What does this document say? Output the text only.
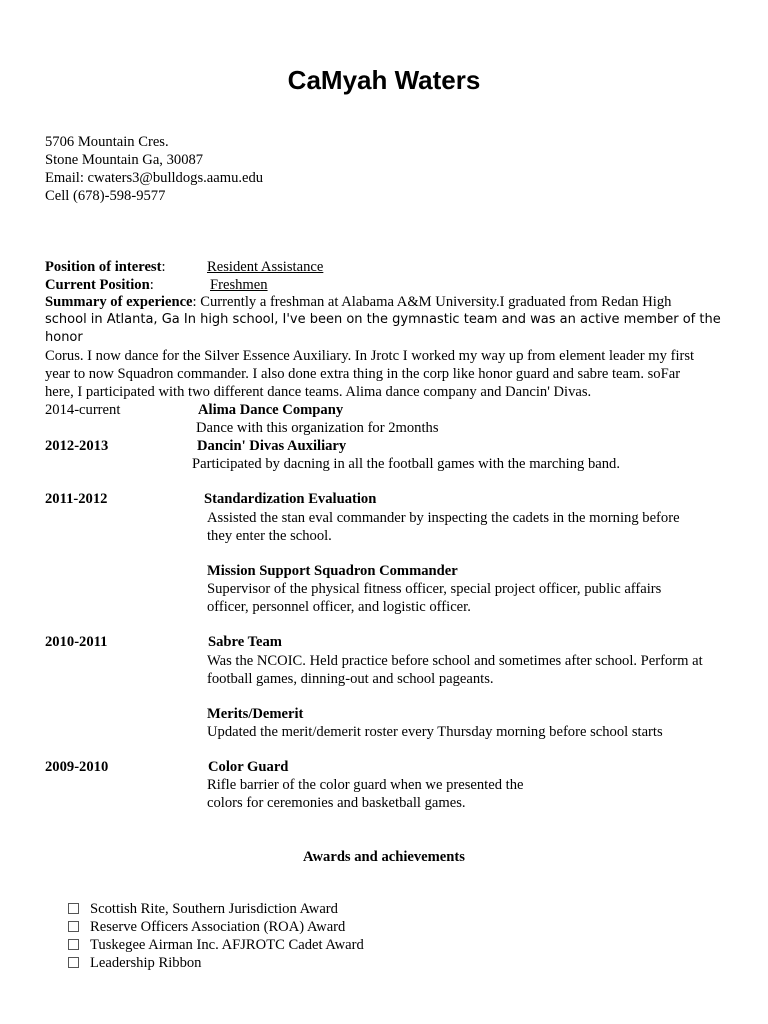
CaMyah Waters
5706 Mountain Cres.
Stone Mountain Ga, 30087
Email: cwaters3@bulldogs.aamu.edu
Cell (678)-598-9577
Position of interest:	Resident Assistance
Current Position:	Freshmen
Summary of experience: Currently a freshman at Alabama A&M University.I graduated from Redan High
school in Atlanta, Ga In high school, I've been on the gymnastic team and was an active member of the honor
Corus. I now dance for the Silver Essence Auxiliary. In Jrotc I worked my way up from element leader my first
year to now Squadron commander. I also done extra thing in the corp like honor guard and sabre team. soFar
here, I participated with two different dance teams. Alima dance company and Dancin' Divas.
2014-current	Alima Dance Company
Dance with this organization for 2months
2012-2013	Dancin' Divas Auxiliary
Participated by dacning in all the football games with the marching band.
2011-2012	Standardization Evaluation
Assisted the stan eval commander by inspecting the cadets in the morning before
they enter the school.
Mission Support Squadron Commander
Supervisor of the physical fitness officer, special project officer, public affairs
officer, personnel officer, and logistic officer.
2010-2011	Sabre Team
Was the NCOIC. Held practice before school and sometimes after school. Perform at
football games, dinning-out and school pageants.
Merits/Demerit
Updated the merit/demerit roster every Thursday morning before school starts
2009-2010	Color Guard
Rifle barrier of the color guard when we presented the
colors for ceremonies and basketball games.
Awards and achievements
Scottish Rite, Southern Jurisdiction Award
Reserve Officers Association (ROA) Award
Tuskegee Airman Inc. AFJROTC Cadet Award
Leadership Ribbon
